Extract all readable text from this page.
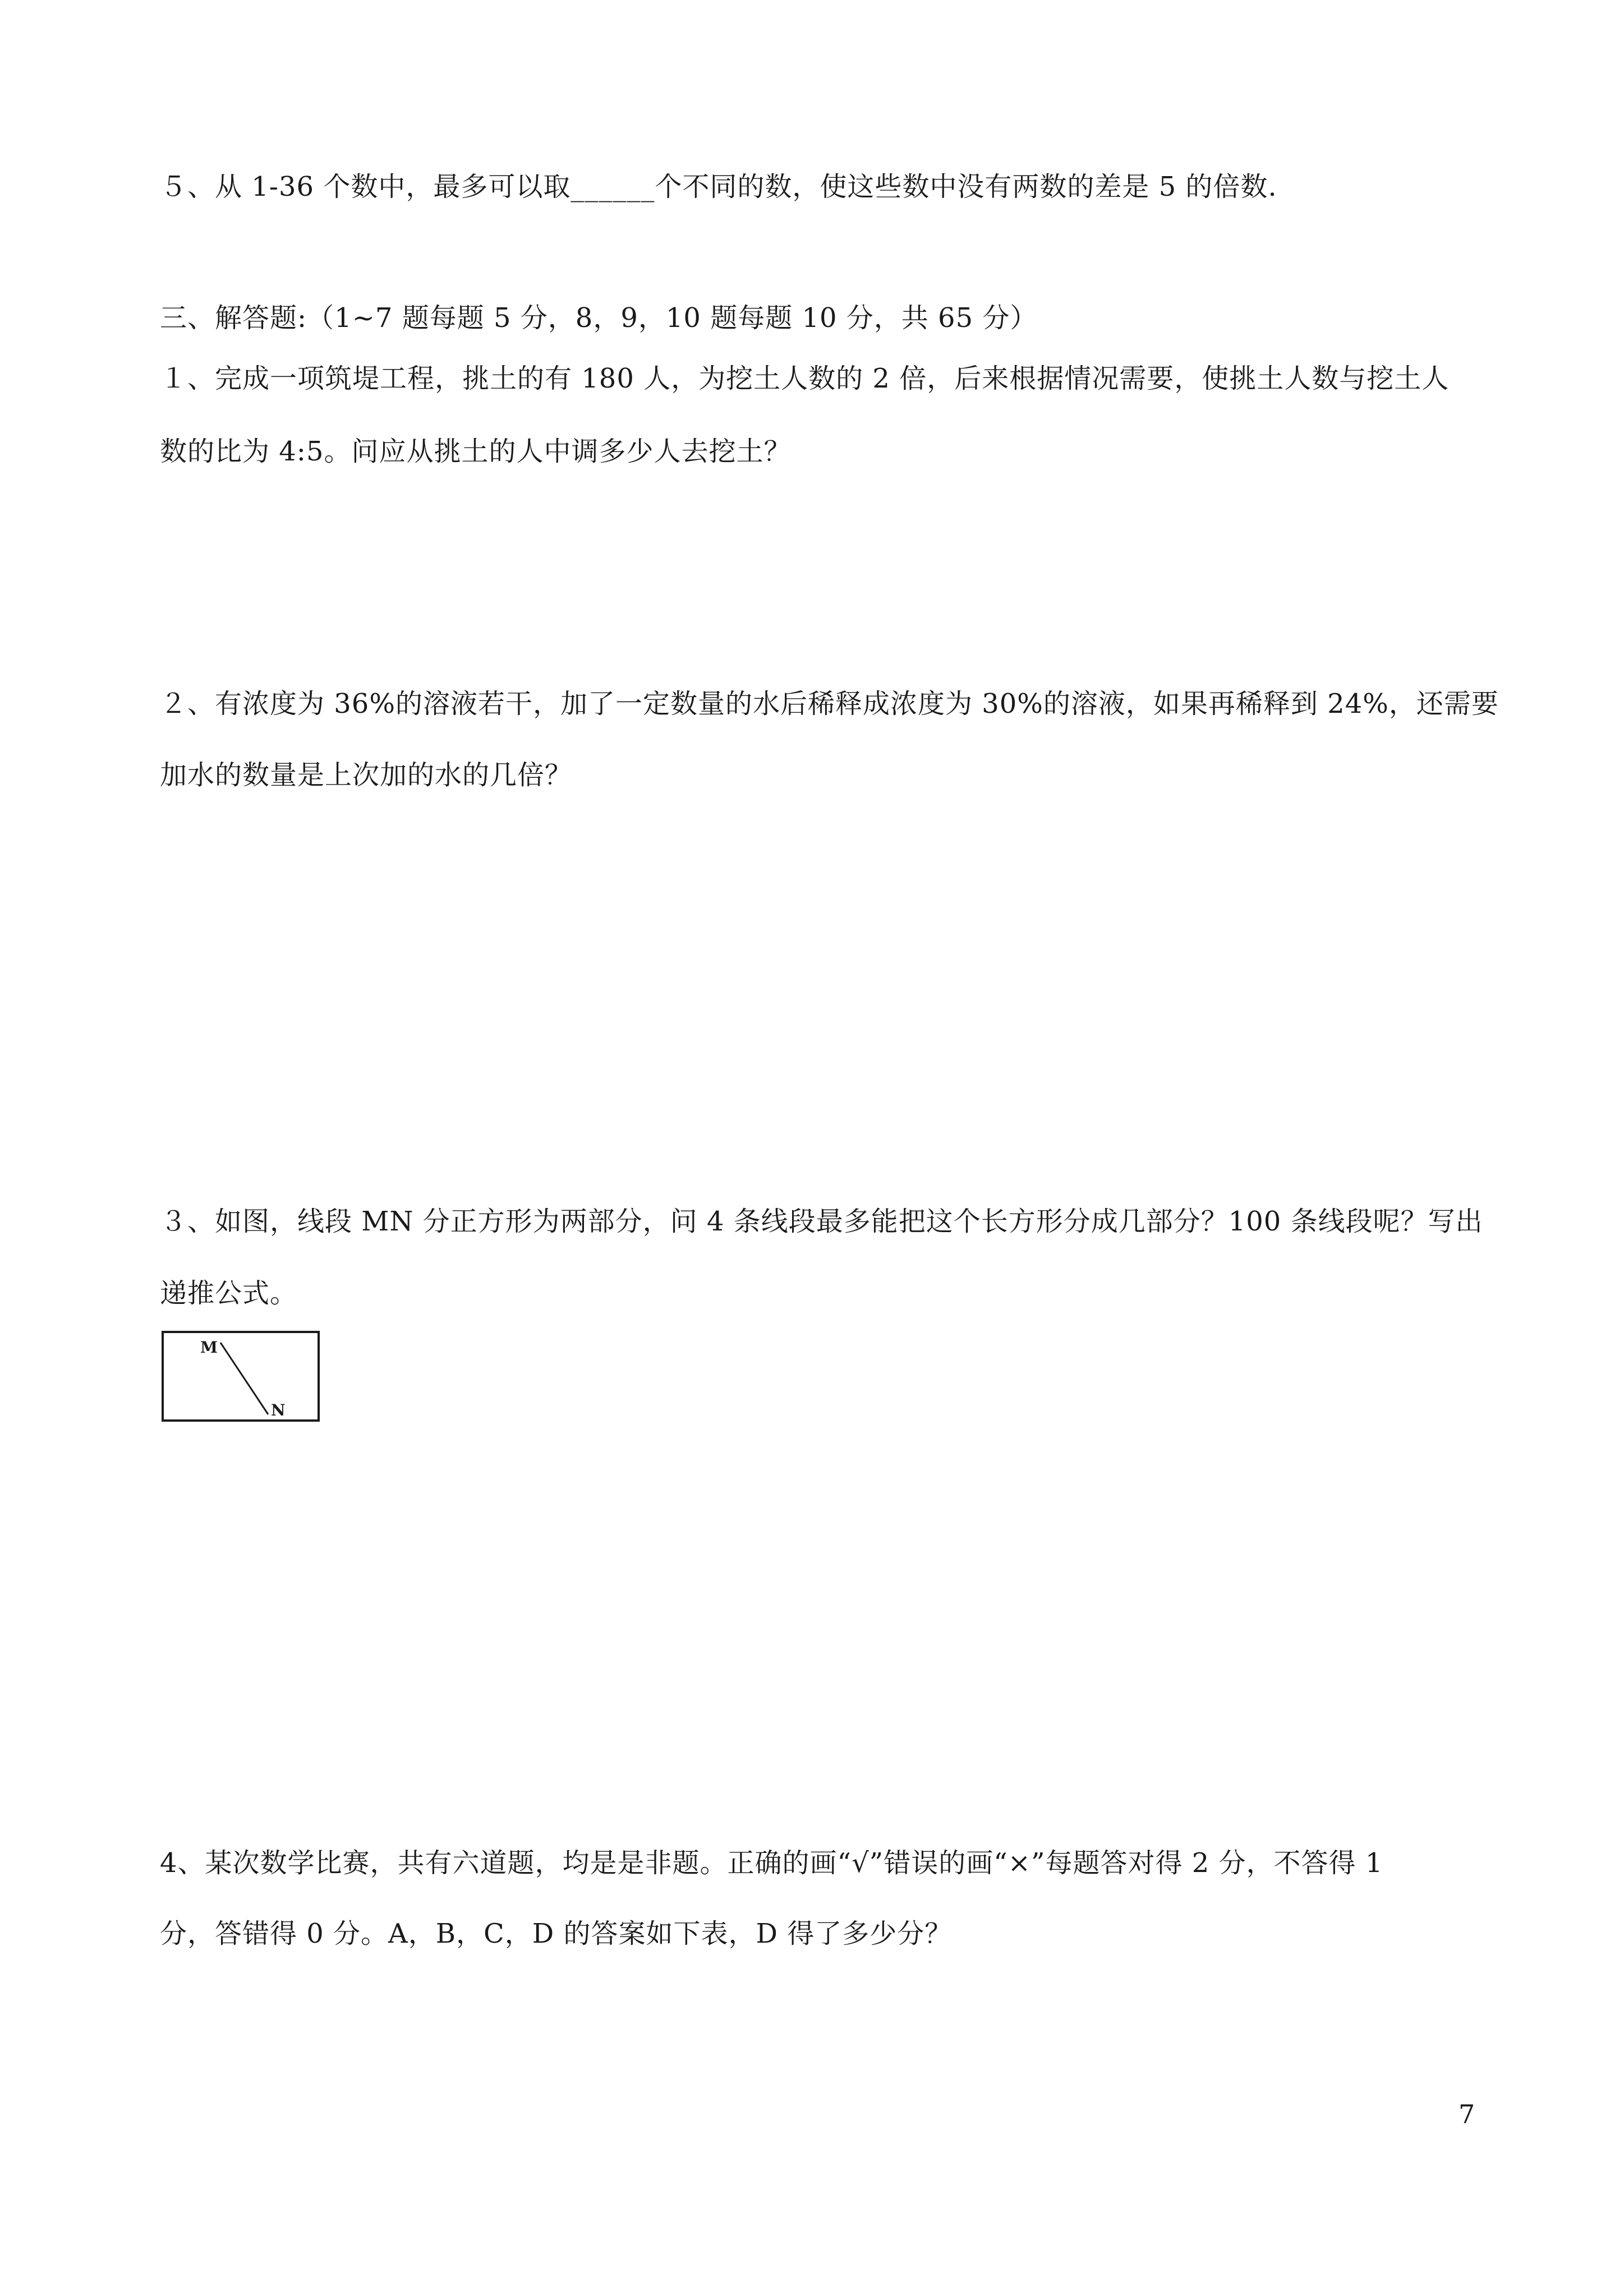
５、从 1-36 个数中，最多可以取______个不同的数，使这些数中没有两数的差是 5 的倍数.
三、解答题:（1~7 题每题 5 分，8，9，10 题每题 10 分，共 65 分）
１、完成一项筑堤工程，挑土的有 180 人，为挖土人数的 2 倍，后来根据情况需要，使挑土人数与挖土人
数的比为 4:5。问应从挑土的人中调多少人去挖土？
２、有浓度为 36%的溶液若干，加了一定数量的水后稀释成浓度为 30%的溶液，如果再稀释到 24%，还需要
加水的数量是上次加的水的几倍？
３、如图，线段 MN 分正方形为两部分，问 4 条线段最多能把这个长方形分成几部分？100 条线段呢？写出
递推公式。
M
N
4、某次数学比赛，共有六道题，均是是非题。正确的画“√”错误的画“×”每题答对得 2 分，不答得 1
分，答错得 0 分。A，B，C，D 的答案如下表，D 得了多少分？
7
